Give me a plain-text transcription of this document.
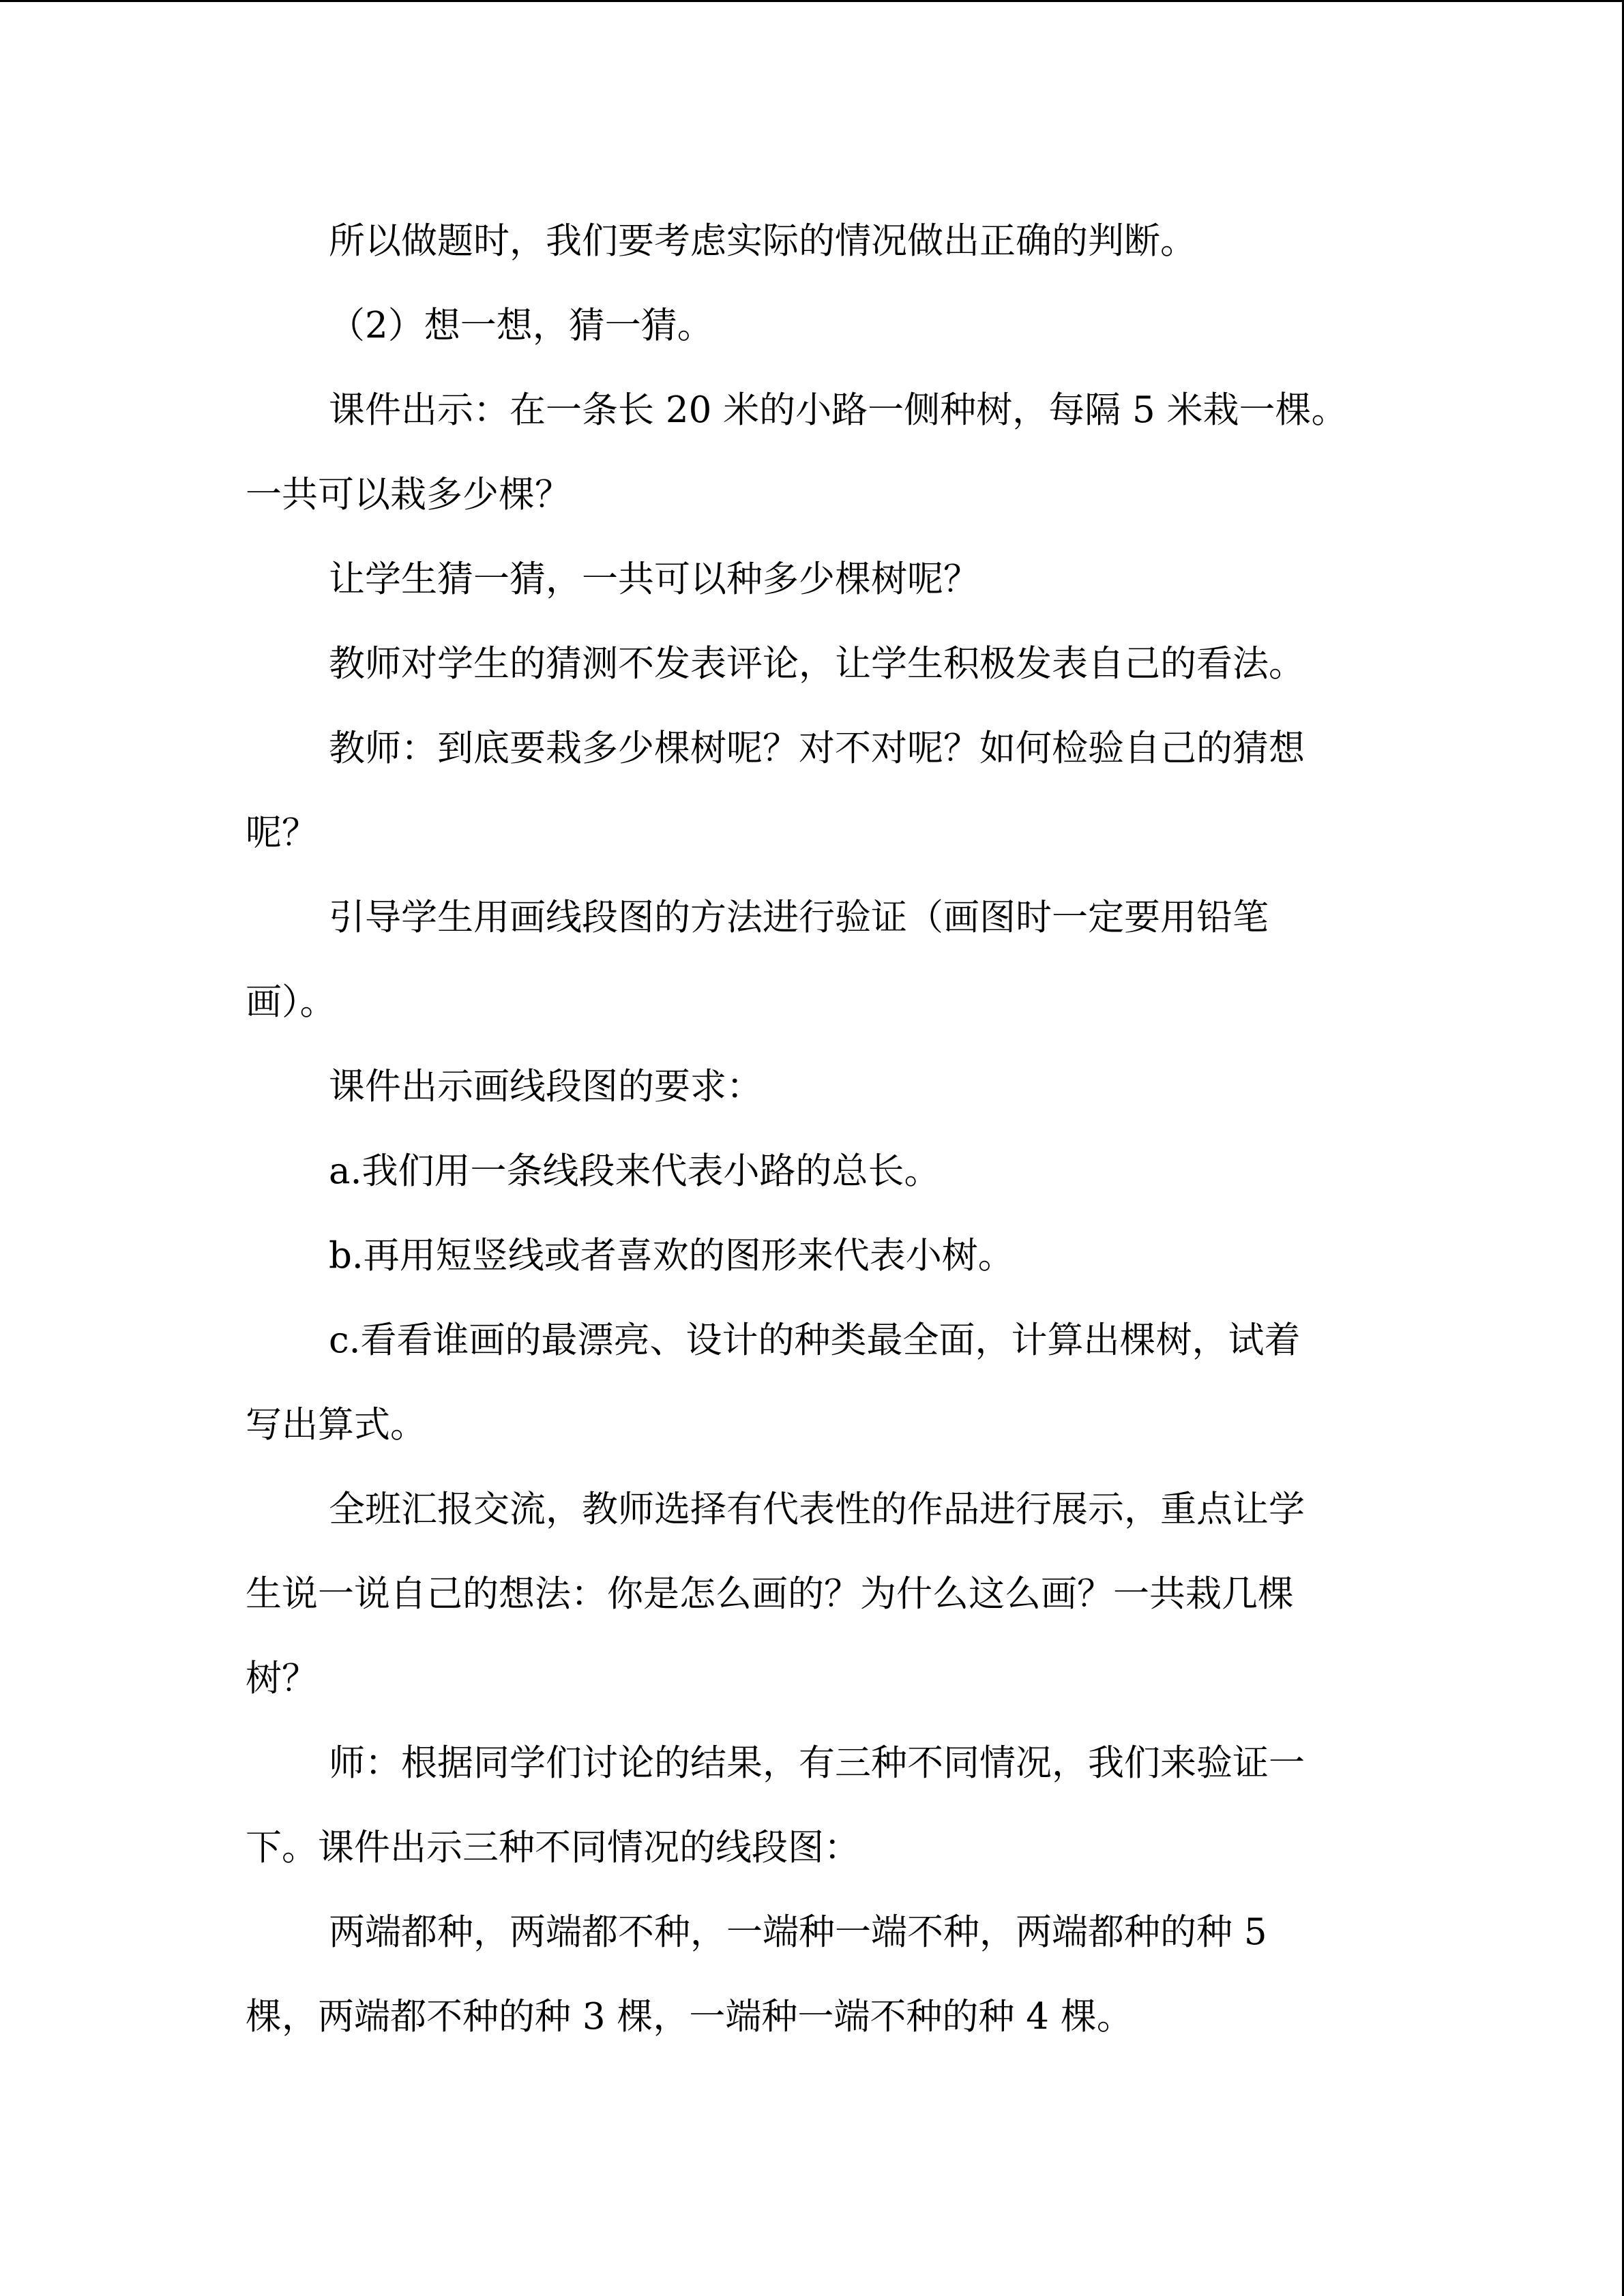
所以做题时，我们要考虑实际的情况做出正确的判断。
（2）想一想，猜一猜。
课件出示：在一条长 20 米的小路一侧种树，每隔 5 米栽一棵。
一共可以栽多少棵？
让学生猜一猜，一共可以种多少棵树呢？
教师对学生的猜测不发表评论，让学生积极发表自己的看法。
教师：到底要栽多少棵树呢？对不对呢？如何检验自己的猜想
呢？
引导学生用画线段图的方法进行验证（画图时一定要用铅笔
画）。
课件出示画线段图的要求：
a.我们用一条线段来代表小路的总长。
b.再用短竖线或者喜欢的图形来代表小树。
c.看看谁画的最漂亮、设计的种类最全面，计算出棵树，试着
写出算式。
全班汇报交流，教师选择有代表性的作品进行展示，重点让学
生说一说自己的想法：你是怎么画的？为什么这么画？一共栽几棵
树？
师：根据同学们讨论的结果，有三种不同情况，我们来验证一
下。课件出示三种不同情况的线段图：
两端都种，两端都不种，一端种一端不种，两端都种的种 5
棵，两端都不种的种 3 棵，一端种一端不种的种 4 棵。
